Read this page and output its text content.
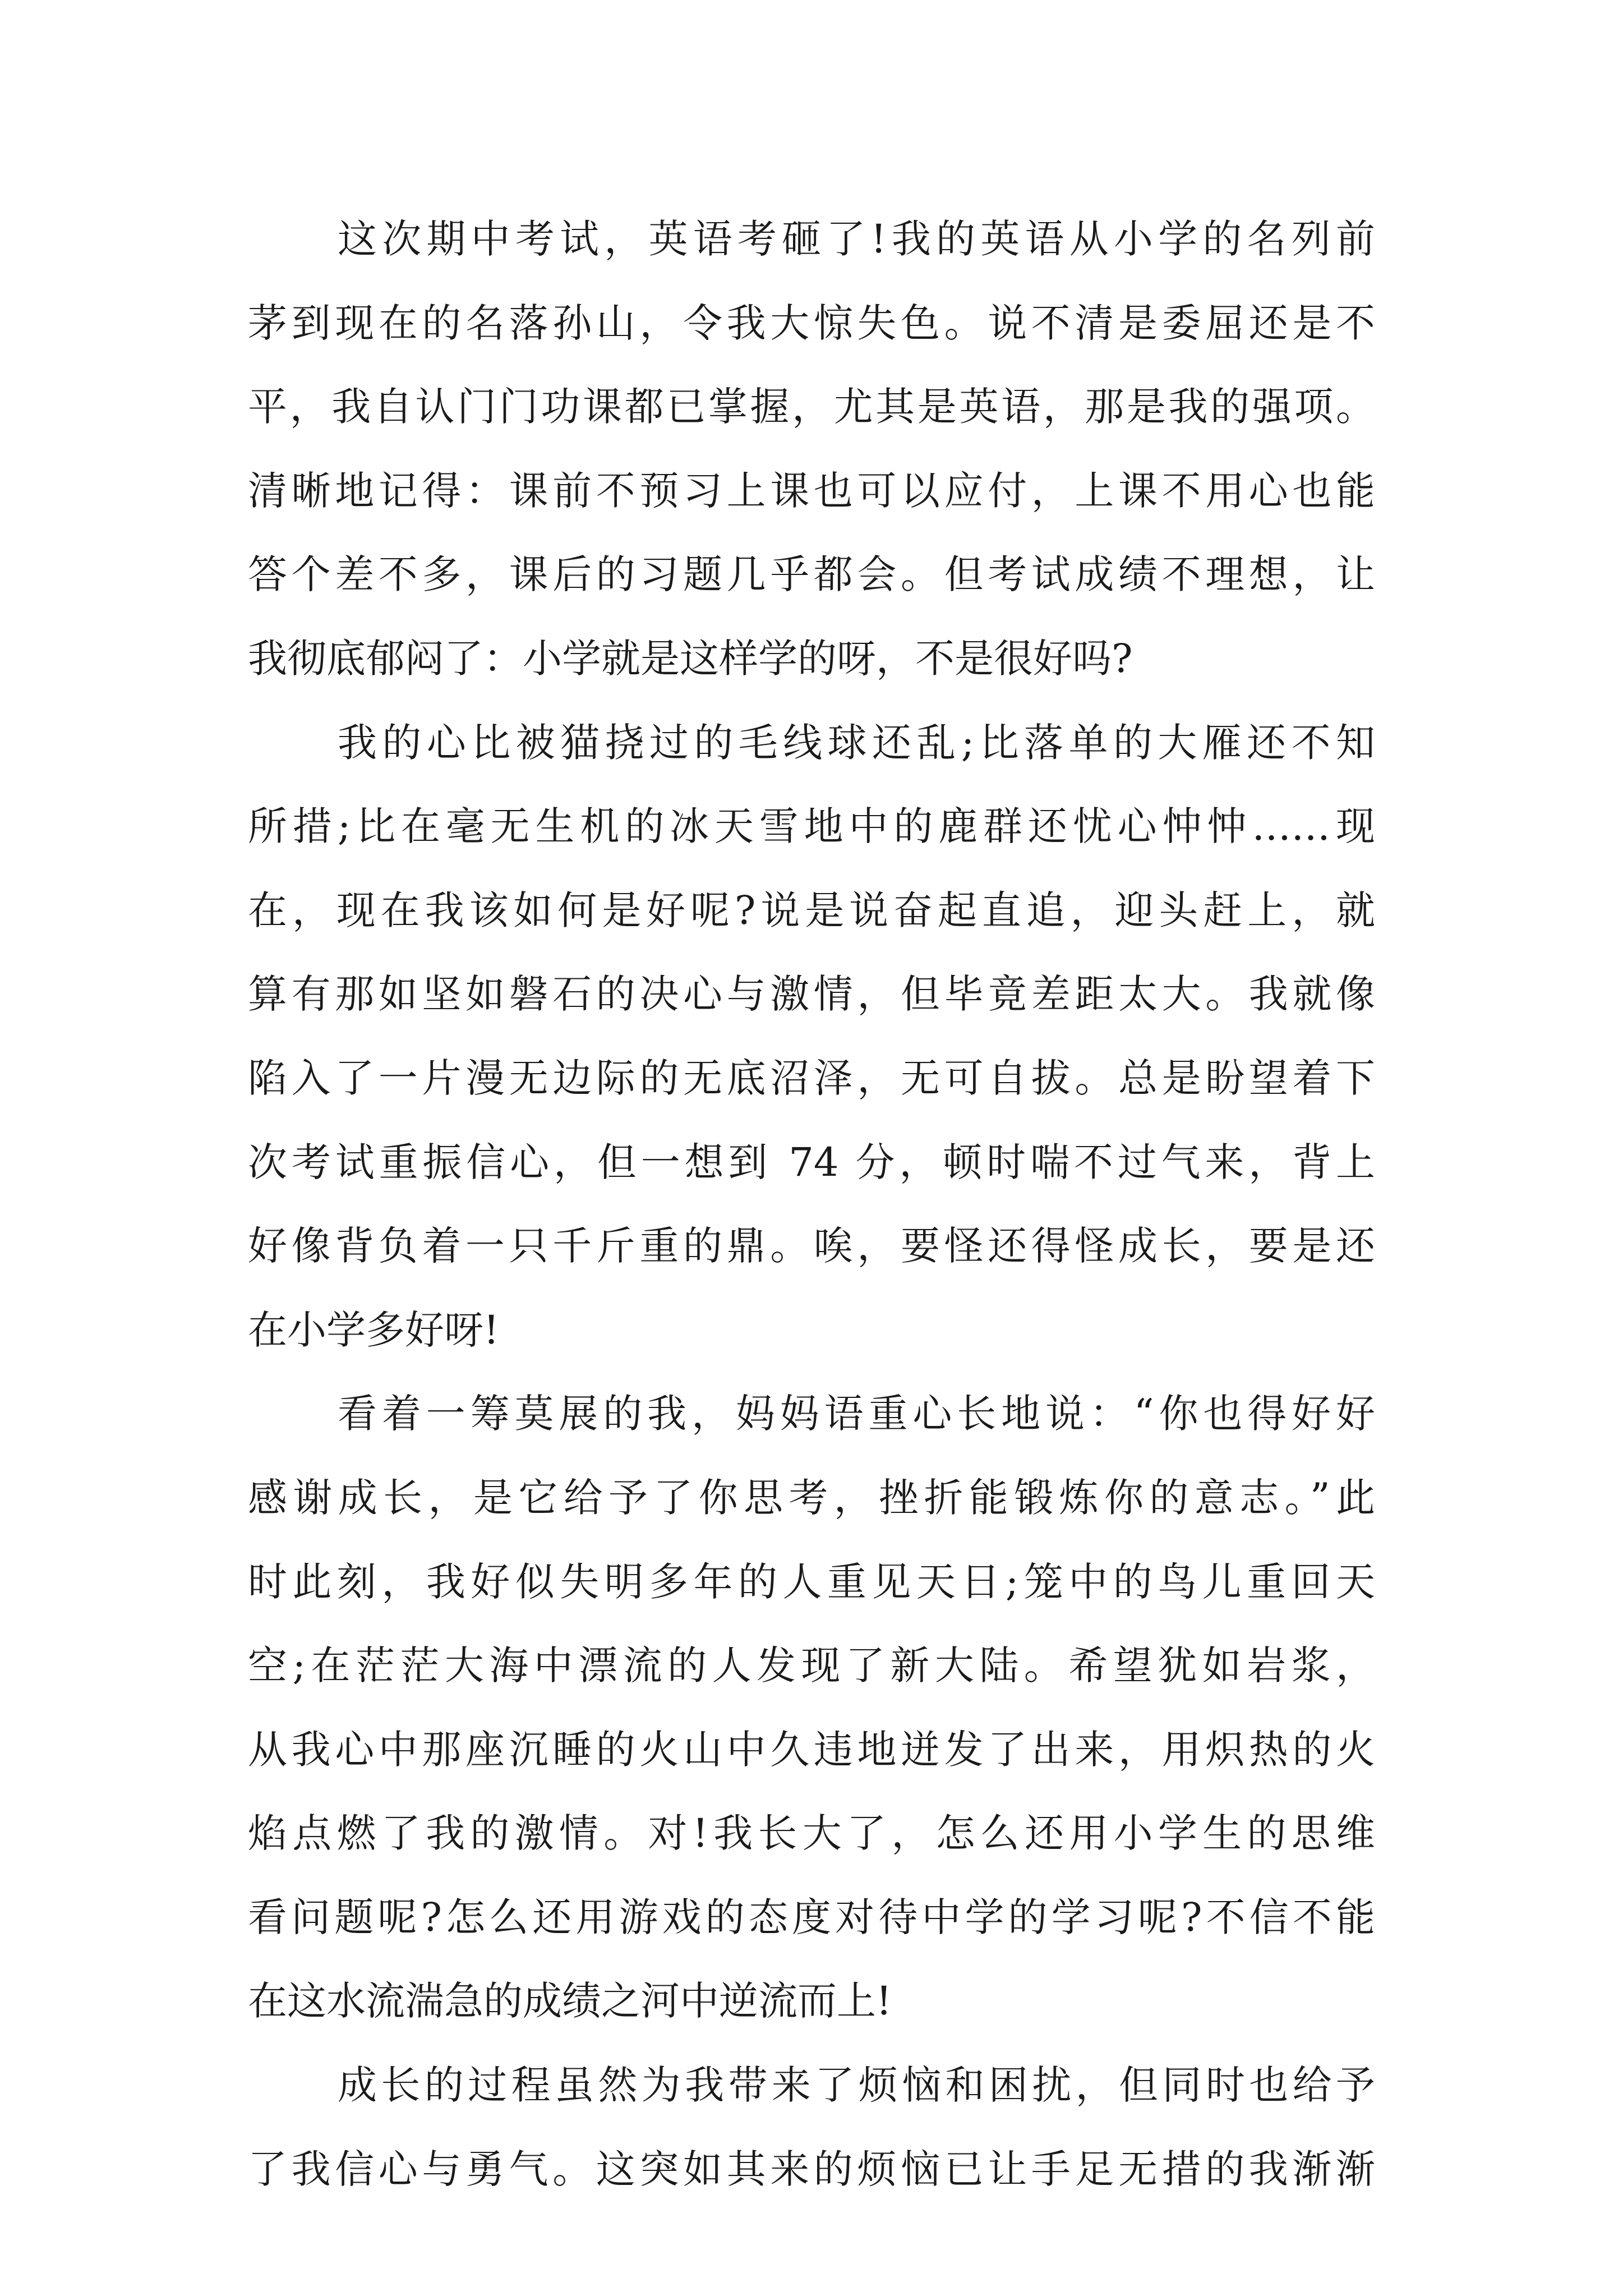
这次期中考试，英语考砸了!我的英语从小学的名列前
茅到现在的名落孙山，令我大惊失色。说不清是委屈还是不
平，我自认门门功课都已掌握，尤其是英语，那是我的强项。
清晰地记得：课前不预习上课也可以应付，上课不用心也能
答个差不多，课后的习题几乎都会。但考试成绩不理想，让
我彻底郁闷了：小学就是这样学的呀，不是很好吗?
我的心比被猫挠过的毛线球还乱;比落单的大雁还不知
所措;比在毫无生机的冰天雪地中的鹿群还忧心忡忡……现
在，现在我该如何是好呢?说是说奋起直追，迎头赶上，就
算有那如坚如磐石的决心与激情，但毕竟差距太大。我就像
陷入了一片漫无边际的无底沼泽，无可自拔。总是盼望着下
次考试重振信心，但一想到 74 分，顿时喘不过气来，背上
好像背负着一只千斤重的鼎。唉，要怪还得怪成长，要是还
在小学多好呀!
看着一筹莫展的我，妈妈语重心长地说：“你也得好好
感谢成长，是它给予了你思考，挫折能锻炼你的意志。”此
时此刻，我好似失明多年的人重见天日;笼中的鸟儿重回天
空;在茫茫大海中漂流的人发现了新大陆。希望犹如岩浆，
从我心中那座沉睡的火山中久违地迸发了出来，用炽热的火
焰点燃了我的激情。对!我长大了，怎么还用小学生的思维
看问题呢?怎么还用游戏的态度对待中学的学习呢?不信不能
在这水流湍急的成绩之河中逆流而上!
成长的过程虽然为我带来了烦恼和困扰，但同时也给予
了我信心与勇气。这突如其来的烦恼已让手足无措的我渐渐
